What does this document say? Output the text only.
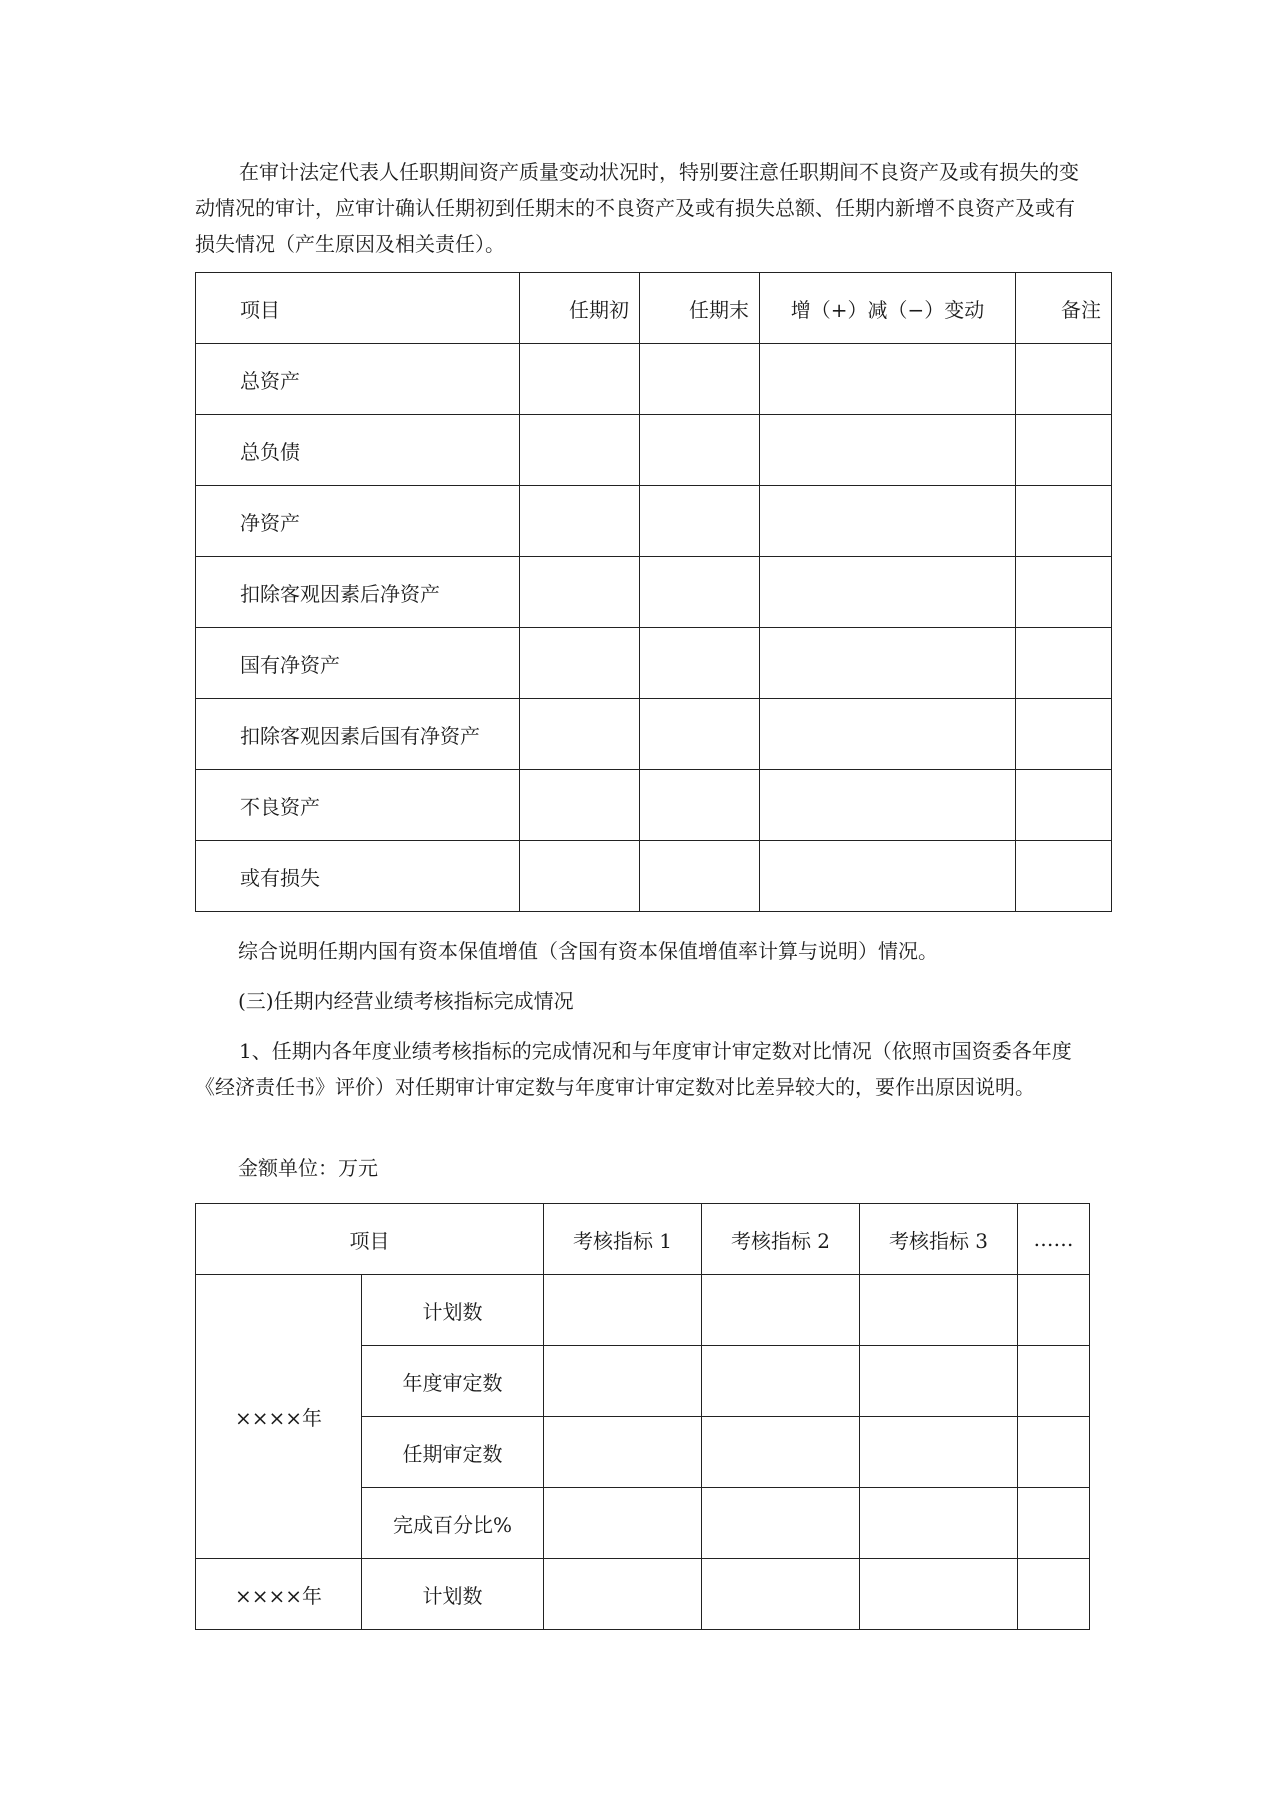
在审计法定代表人任职期间资产质量变动状况时，特别要注意任职期间不良资产及或有损失的变动情况的审计，应审计确认任期初到任期末的不良资产及或有损失总额、任期内新增不良资产及或有损失情况（产生原因及相关责任）。

项目	任期初	任期末	增（+）减（−）变动	备注
总资产				
总负债				
净资产				
扣除客观因素后净资产				
国有净资产				
扣除客观因素后国有净资产				
不良资产				
或有损失				

综合说明任期内国有资本保值增值（含国有资本保值增值率计算与说明）情况。

(三)任期内经营业绩考核指标完成情况

1、任期内各年度业绩考核指标的完成情况和与年度审计审定数对比情况（依照市国资委各年度《经济责任书》评价）对任期审计审定数与年度审计审定数对比差异较大的，要作出原因说明。

金额单位：万元

项目		考核指标 1	考核指标 2	考核指标 3	……
××××年	计划数				
	年度审定数				
	任期审定数				
	完成百分比%				
××××年	计划数				
